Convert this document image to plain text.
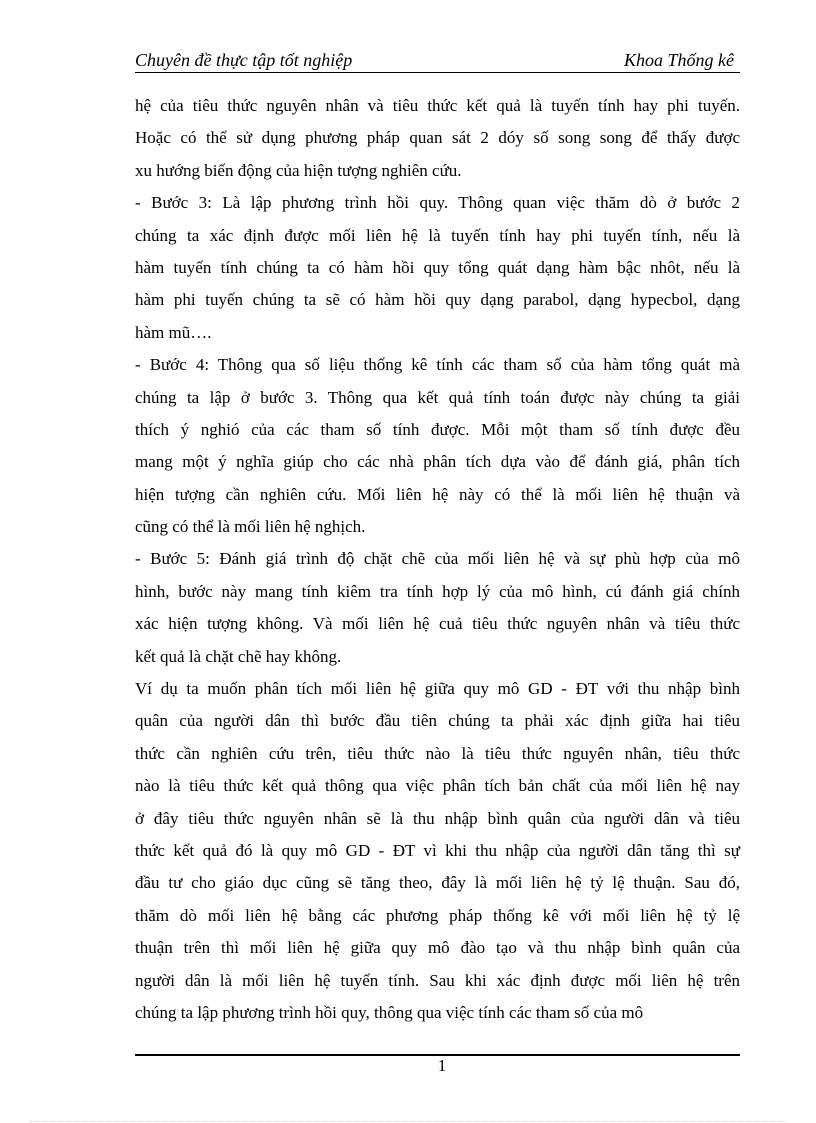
Chuyên đề thực tập tốt nghiệp	Khoa Thống kê
hệ của tiêu thức nguyên nhân và tiêu thức kết quả là tuyến tính hay phi tuyến.
Hoặc có thể sử dụng phương pháp quan sát 2 dóy số song song để thấy được
xu hướng biến động của hiện tượng nghiên cứu.
- Bước 3: Là lập phương trình hồi quy. Thông quan việc thăm dò ở bước 2
chúng ta xác định được mối liên hệ là tuyến tính hay phi tuyến tính, nếu là
hàm tuyến tính chúng ta có hàm hồi quy tổng quát dạng hàm bậc nhôt, nếu là
hàm phi tuyến chúng ta sẽ có hàm hồi quy dạng parabol, dạng hypecbol, dạng
hàm mũ….
- Bước 4: Thông qua số liệu thống kê tính các tham số của hàm tổng quát mà
chúng ta lập ở bước 3. Thông qua kết quả tính toán được này chúng ta giải
thích ý nghió của các tham số tính được. Mỗi một tham số tính được đều
mang một ý nghĩa giúp cho các nhà phân tích dựa vào để đánh giá, phân tích
hiện tượng cần nghiên cứu. Mối liên hệ này có thể là mối liên hệ thuận và
cũng có thể là mối liên hệ nghịch.
- Bước 5: Đánh giá trình độ chặt chẽ của mối liên hệ và sự phù hợp của mô
hình, bước này mang tính kiêm tra tính hợp lý của mô hình, cú đánh giá chính
xác hiện tượng không. Và mối liên hệ cuả tiêu thức nguyên nhân và tiêu thức
kết quả là chặt chẽ hay không.
Ví dụ ta muốn phân tích mối liên hệ giữa quy mô GD - ĐT với thu nhập bình
quân của người dân thì bước đầu tiên chúng ta phải xác định giữa hai tiêu
thức cần nghiên cứu trên, tiêu thức nào là tiêu thức nguyên nhân, tiêu thức
nào là tiêu thức kết quả thông qua việc phân tích bản chất của mối liên hệ nay
ở đây tiêu thức nguyên nhân sẽ là thu nhập bình quân của người dân và tiêu
thức kết quả đó là quy mô GD - ĐT vì khi thu nhập của người dân tăng thì sự
đầu tư cho giáo dục cũng sẽ tăng theo, đây là mối liên hệ tỷ lệ thuận. Sau đó,
thăm dò mối liên hệ bằng các phương pháp thống kê với mối liên hệ tỷ lệ
thuận trên thì mối liên hệ giữa quy mô đào tạo và thu nhập bình quân của
người dân là mối liên hệ tuyến tính. Sau khi xác định được mối liên hệ trên
chúng ta lập phương trình hồi quy, thông qua việc tính các tham số của mô
1
